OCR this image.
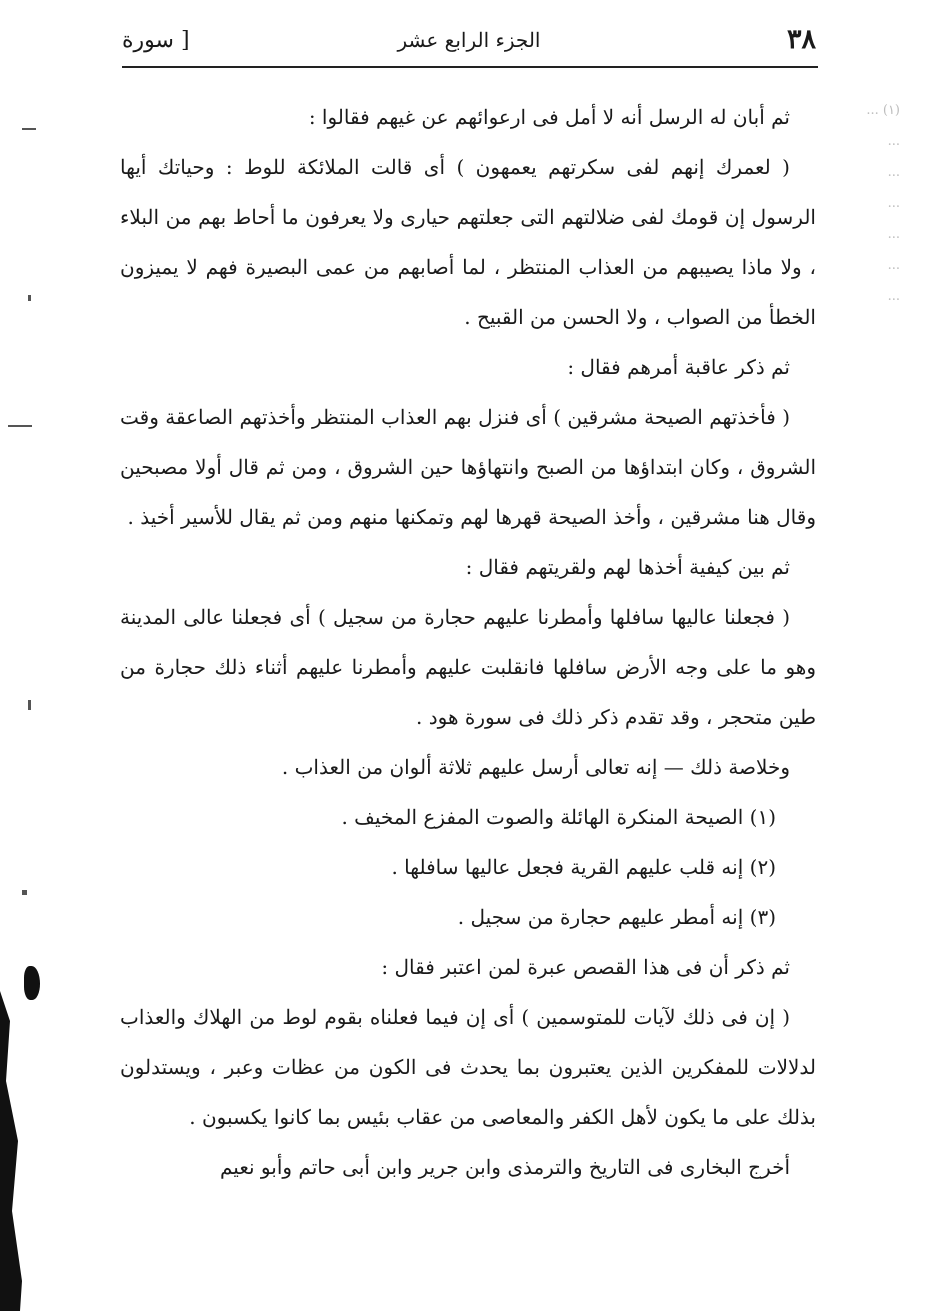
٣٨
الجزء الرابع عشر
[ سورة

ثم أبان له الرسل أنه لا أمل فى ارعوائهم عن غيهم فقالوا :

( لعمرك إنهم لفى سكرتهم يعمهون ) أى قالت الملائكة للوط : وحياتك أيها الرسول إن قومك لفى ضلالتهم التى جعلتهم حيارى ولا يعرفون ما أحاط بهم من البلاء ، ولا ماذا يصيبهم من العذاب المنتظر ، لما أصابهم من عمى البصيرة فهم لا يميزون الخطأ من الصواب ، ولا الحسن من القبيح .

ثم ذكر عاقبة أمرهم فقال :

( فأخذتهم الصيحة مشرقين ) أى فنزل بهم العذاب المنتظر وأخذتهم الصاعقة وقت الشروق ، وكان ابتداؤها من الصبح وانتهاؤها حين الشروق ، ومن ثم قال أولا مصبحين وقال هنا مشرقين ، وأخذ الصيحة قهرها لهم وتمكنها منهم ومن ثم يقال للأسير أخيذ .

ثم بين كيفية أخذها لهم ولقريتهم فقال :

( فجعلنا عاليها سافلها وأمطرنا عليهم حجارة من سجيل ) أى فجعلنا عالى المدينة وهو ما على وجه الأرض سافلها فانقلبت عليهم وأمطرنا عليهم أثناء ذلك حجارة من طين متحجر ، وقد تقدم ذكر ذلك فى سورة هود .

وخلاصة ذلك — إنه تعالى أرسل عليهم ثلاثة ألوان من العذاب .

(١) الصيحة المنكرة الهائلة والصوت المفزع المخيف .

(٢) إنه قلب عليهم القرية فجعل عاليها سافلها .

(٣) إنه أمطر عليهم حجارة من سجيل .

ثم ذكر أن فى هذا القصص عبرة لمن اعتبر فقال :

( إن فى ذلك لآيات للمتوسمين ) أى إن فيما فعلناه بقوم لوط من الهلاك والعذاب لدلالات للمفكرين الذين يعتبرون بما يحدث فى الكون من عظات وعبر ، ويستدلون بذلك على ما يكون لأهل الكفر والمعاصى من عقاب بئيس بما كانوا يكسبون .

أخرج البخارى فى التاريخ والترمذى وابن جرير وابن أبى حاتم وأبو نعيم

(١) ...

...

...

...

...

...

...
